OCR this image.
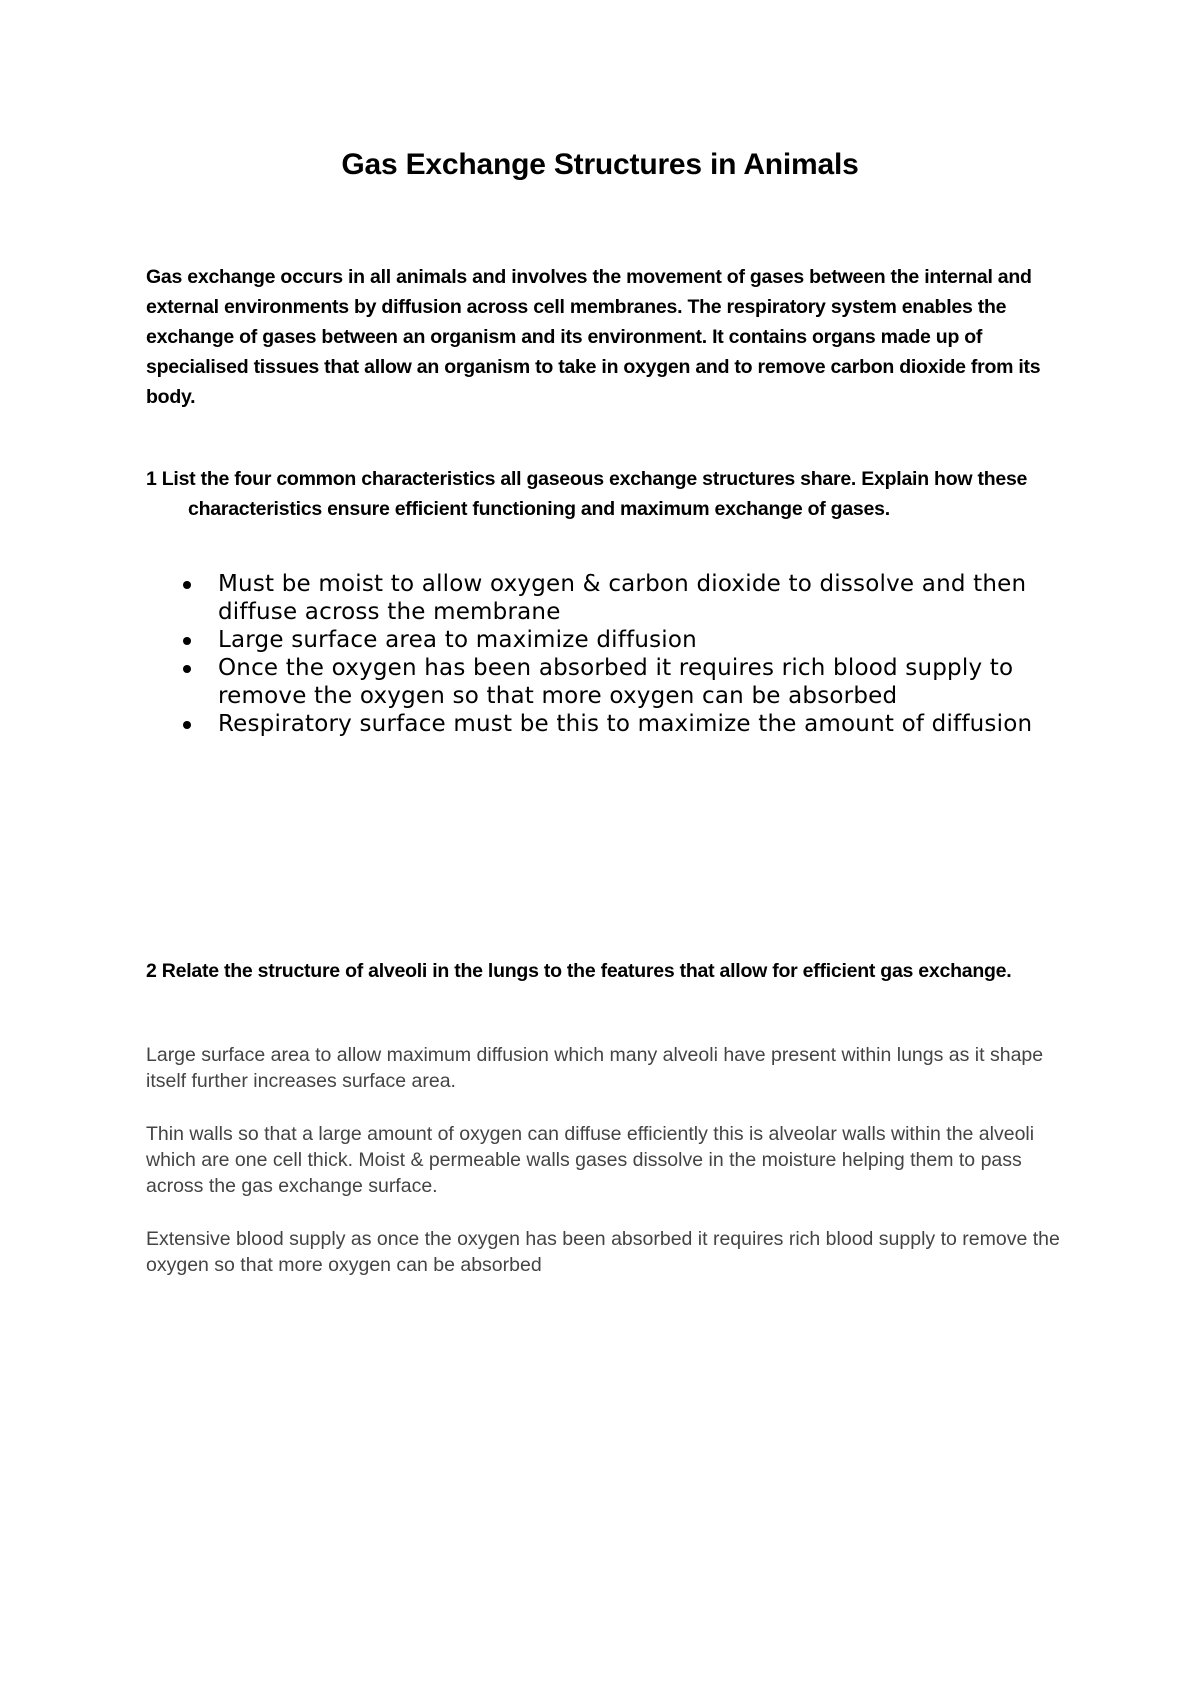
Gas Exchange Structures in Animals

Gas exchange occurs in all animals and involves the movement of gases between the internal and external environments by diffusion across cell membranes. The respiratory system enables the exchange of gases between an organism and its environment. It contains organs made up of specialised tissues that allow an organism to take in oxygen and to remove carbon dioxide from its body.

1 List the four common characteristics all gaseous exchange structures share. Explain how these characteristics ensure efficient functioning and maximum exchange of gases.

Must be moist to allow oxygen & carbon dioxide to dissolve and then diffuse across the membrane
Large surface area to maximize diffusion
Once the oxygen has been absorbed it requires rich blood supply to remove the oxygen so that more oxygen can be absorbed
Respiratory surface must be this to maximize the amount of diffusion

2 Relate the structure of alveoli in the lungs to the features that allow for efficient gas exchange.

Large surface area to allow maximum diffusion which many alveoli have present within lungs as it shape itself further increases surface area.

Thin walls so that a large amount of oxygen can diffuse efficiently this is alveolar walls within the alveoli which are one cell thick. Moist & permeable walls gases dissolve in the moisture helping them to pass across the gas exchange surface.

Extensive blood supply as once the oxygen has been absorbed it requires rich blood supply to remove the oxygen so that more oxygen can be absorbed
